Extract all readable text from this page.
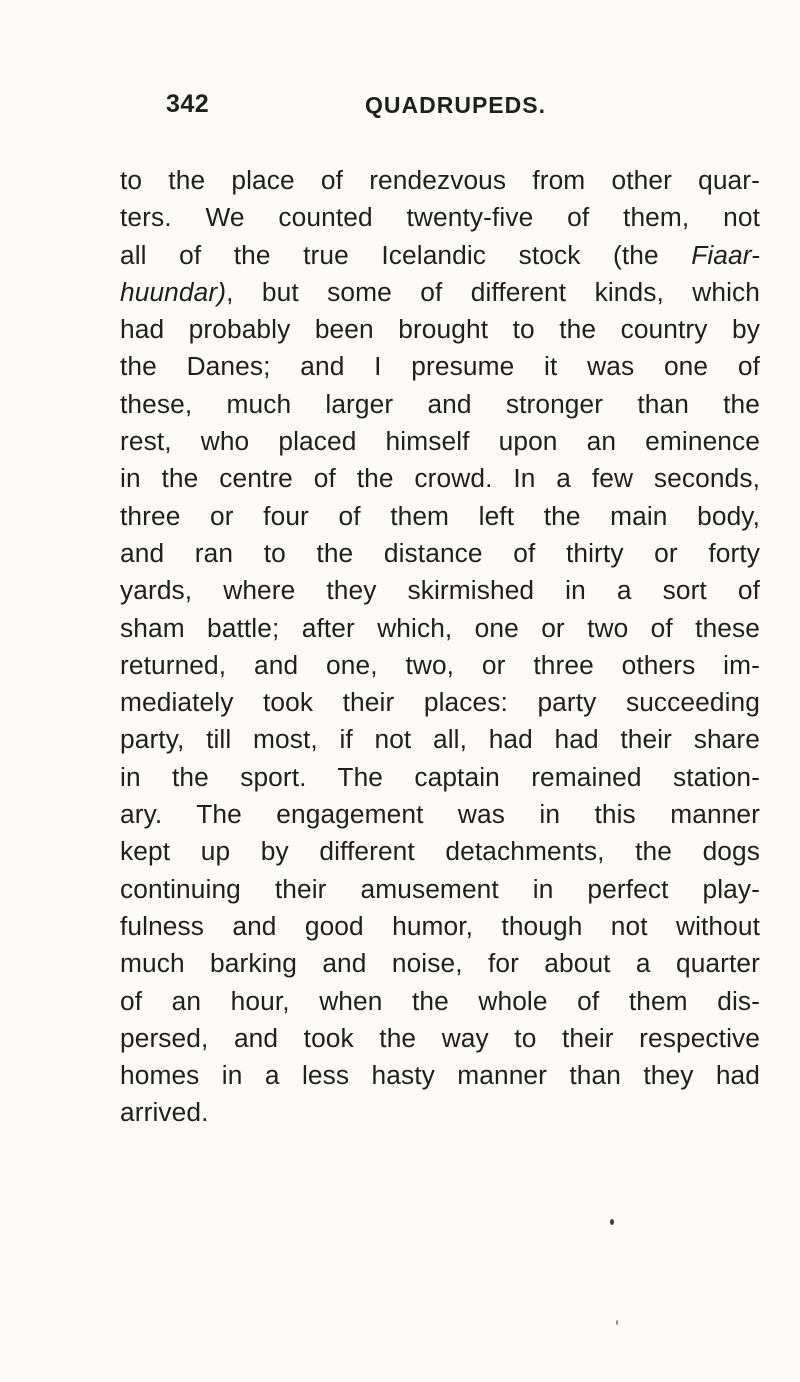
342	QUADRUPEDS.
to the place of rendezvous from other quar-
ters. We counted twenty-five of them, not
all of the true Icelandic stock (the Fiaar-
huundar), but some of different kinds, which
had probably been brought to the country by
the Danes; and I presume it was one of
these, much larger and stronger than the
rest, who placed himself upon an eminence
in the centre of the crowd. In a few seconds,
three or four of them left the main body,
and ran to the distance of thirty or forty
yards, where they skirmished in a sort of
sham battle; after which, one or two of these
returned, and one, two, or three others im-
mediately took their places: party succeeding
party, till most, if not all, had had their share
in the sport. The captain remained station-
ary. The engagement was in this manner
kept up by different detachments, the dogs
continuing their amusement in perfect play-
fulness and good humor, though not without
much barking and noise, for about a quarter
of an hour, when the whole of them dis-
persed, and took the way to their respective
homes in a less hasty manner than they had
arrived.
